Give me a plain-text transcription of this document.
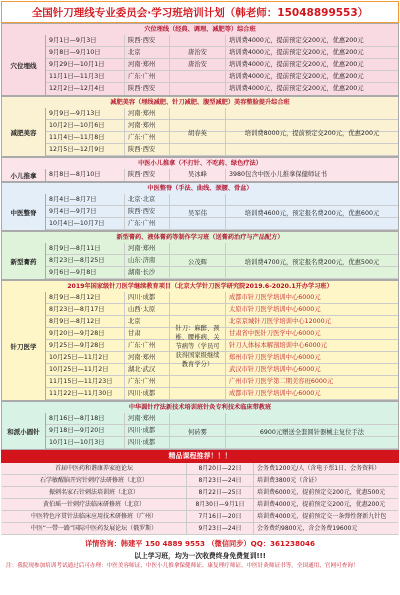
全国针刀理线专业委员会·学习班培训计划（韩老师：15048899553）
穴位埋线（经典、调理、减肥等）综合班
穴位埋线
9月1日—9月3日	陕西·西安	培训费4000元，提前预定交200元，优惠200元
9月8日—9月10日	北京	唐治安	培训费4000元，提前预定交200元，优惠200元
9月29日—10月1日	河南·郑州	唐治安	培训费4000元，提前预定交200元，优惠200元
11月1日—11月3日	广东·广州	培训费4000元，提前预定交200元，优惠200元
12月2日—12月4日	陕西·西安	培训费4000元，提前预定交200元，优惠200元
减肥美容（埋线减肥、针刀减肥、腹型减肥）美容整脸提升综合班
减肥美容
9月9日—9月13日	河南·郑州
10月2日—10月6日	河南·郑州
11月4日—11月8日	广东·广州
12月5日—12月9日	陕西·西安
胡春英	培训费8000元，提前预定交200元，优惠200元
中医小儿推拿（不打针、不吃药、绿色疗法）
小儿推拿	8月8日—8月10日	陕西·西安	吴冰峰	3980包含中医小儿推拿保健师证书
中医整脊（手法、曲线、颈腰、骨盆）
中医整脊
8月4日—8月7日	北京·北京
9月4日—9月7日	陕西·西安
10月4日—10月7日	广东·广州
吴军伟	培训费4600元，预定报名费200元，优惠600元
新型膏药、液体膏药等制作学习班（送膏药治疗与产品配方）
新型膏药
8月9日—8月11日	河南·郑州
8月23日—8月25日	山东·济南
9月6日—9月8日	湖南·长沙
公茂辉	培训费4700元，预定报名费200元，优惠500元
2019年国家级针刀医学继续教育项目（北京大学针刀医学研究院2019.6-2020.1开办学习班）
针刀医学
8月9日—8月12日	四川·成都	成都市针刀医学培训中心6000元
8月23日—8月17日	山西·太原	太原市针刀医学培训中心6000元
8月9日—8月12日	北京	北京京城针刀医学培训中心12000元
9月20日—9月28日	甘肃	甘肃省中医针刀医学中心6000元
9月25日—9月28日	广东·广州	针刀人体标本解剖培训中心6000元
10月25日—11月2日	河南·郑州	郑州市针刀医学培训中心6000元
10月25日—11月2日	湖北·武汉	武汉市针刀医学培训中心6000元
11月15日—11月23日	广东·广州	广州市针刀医学第二期美容班6000元
11月22日—11月30日	四川·成都	成都市针刀医学培训中心6000元
针刀：麻醉、颈椎、腰椎病、关节病等（学员可获得国家级继续教育学分）
中华圆针疗法新技术培训班针灸专利技术临床带教班
和派小圆针
8月16日—8月18日	河南·郑州
9月18日—9月20日	四川·成都
10月1日—10月3日	四川·成都
何砖雾	6900元赠送全套圆针器械主复位手法
精品课程推荐！！！
首届中医药和谐康养家庭论坛	8月20日—22日	会务费1200元/人（含电子票1日、会务资料）
石学敏醒脑开窍针刺疗法研修班（北京）	8月23日—24日	培训费3800元（含证）
振刺名家石针刺法培训班（北京）	8月22日—25日	培训费6000元，提前预定交200元，优惠500元
黄伯瑶一针刺疗法临床研修班（北京）	8月30日—9月1日	培训费4000元，提前预定交200元，优惠200元
中医特色序贯针法临床应用技术研修班（广州）	7月16日—20日	培训费4000元，提前预定交一条弹性督新九针包
中医“一带一路”国际中医药发展论坛（俄罗斯）	9月23日—24日	会务费约9800元，含会务费19600元
详情咨询：韩建平 150 4889 9553 （微信同步）QQ：361238046
以上学习班，均为一次收费终身免费复训!!!
注：我院现参加培训考试通过后可办理：中医美容师证、中医小儿推拿保健师证、康复理疗师证、中医针灸师证书等。全国通用，官网可查询！
